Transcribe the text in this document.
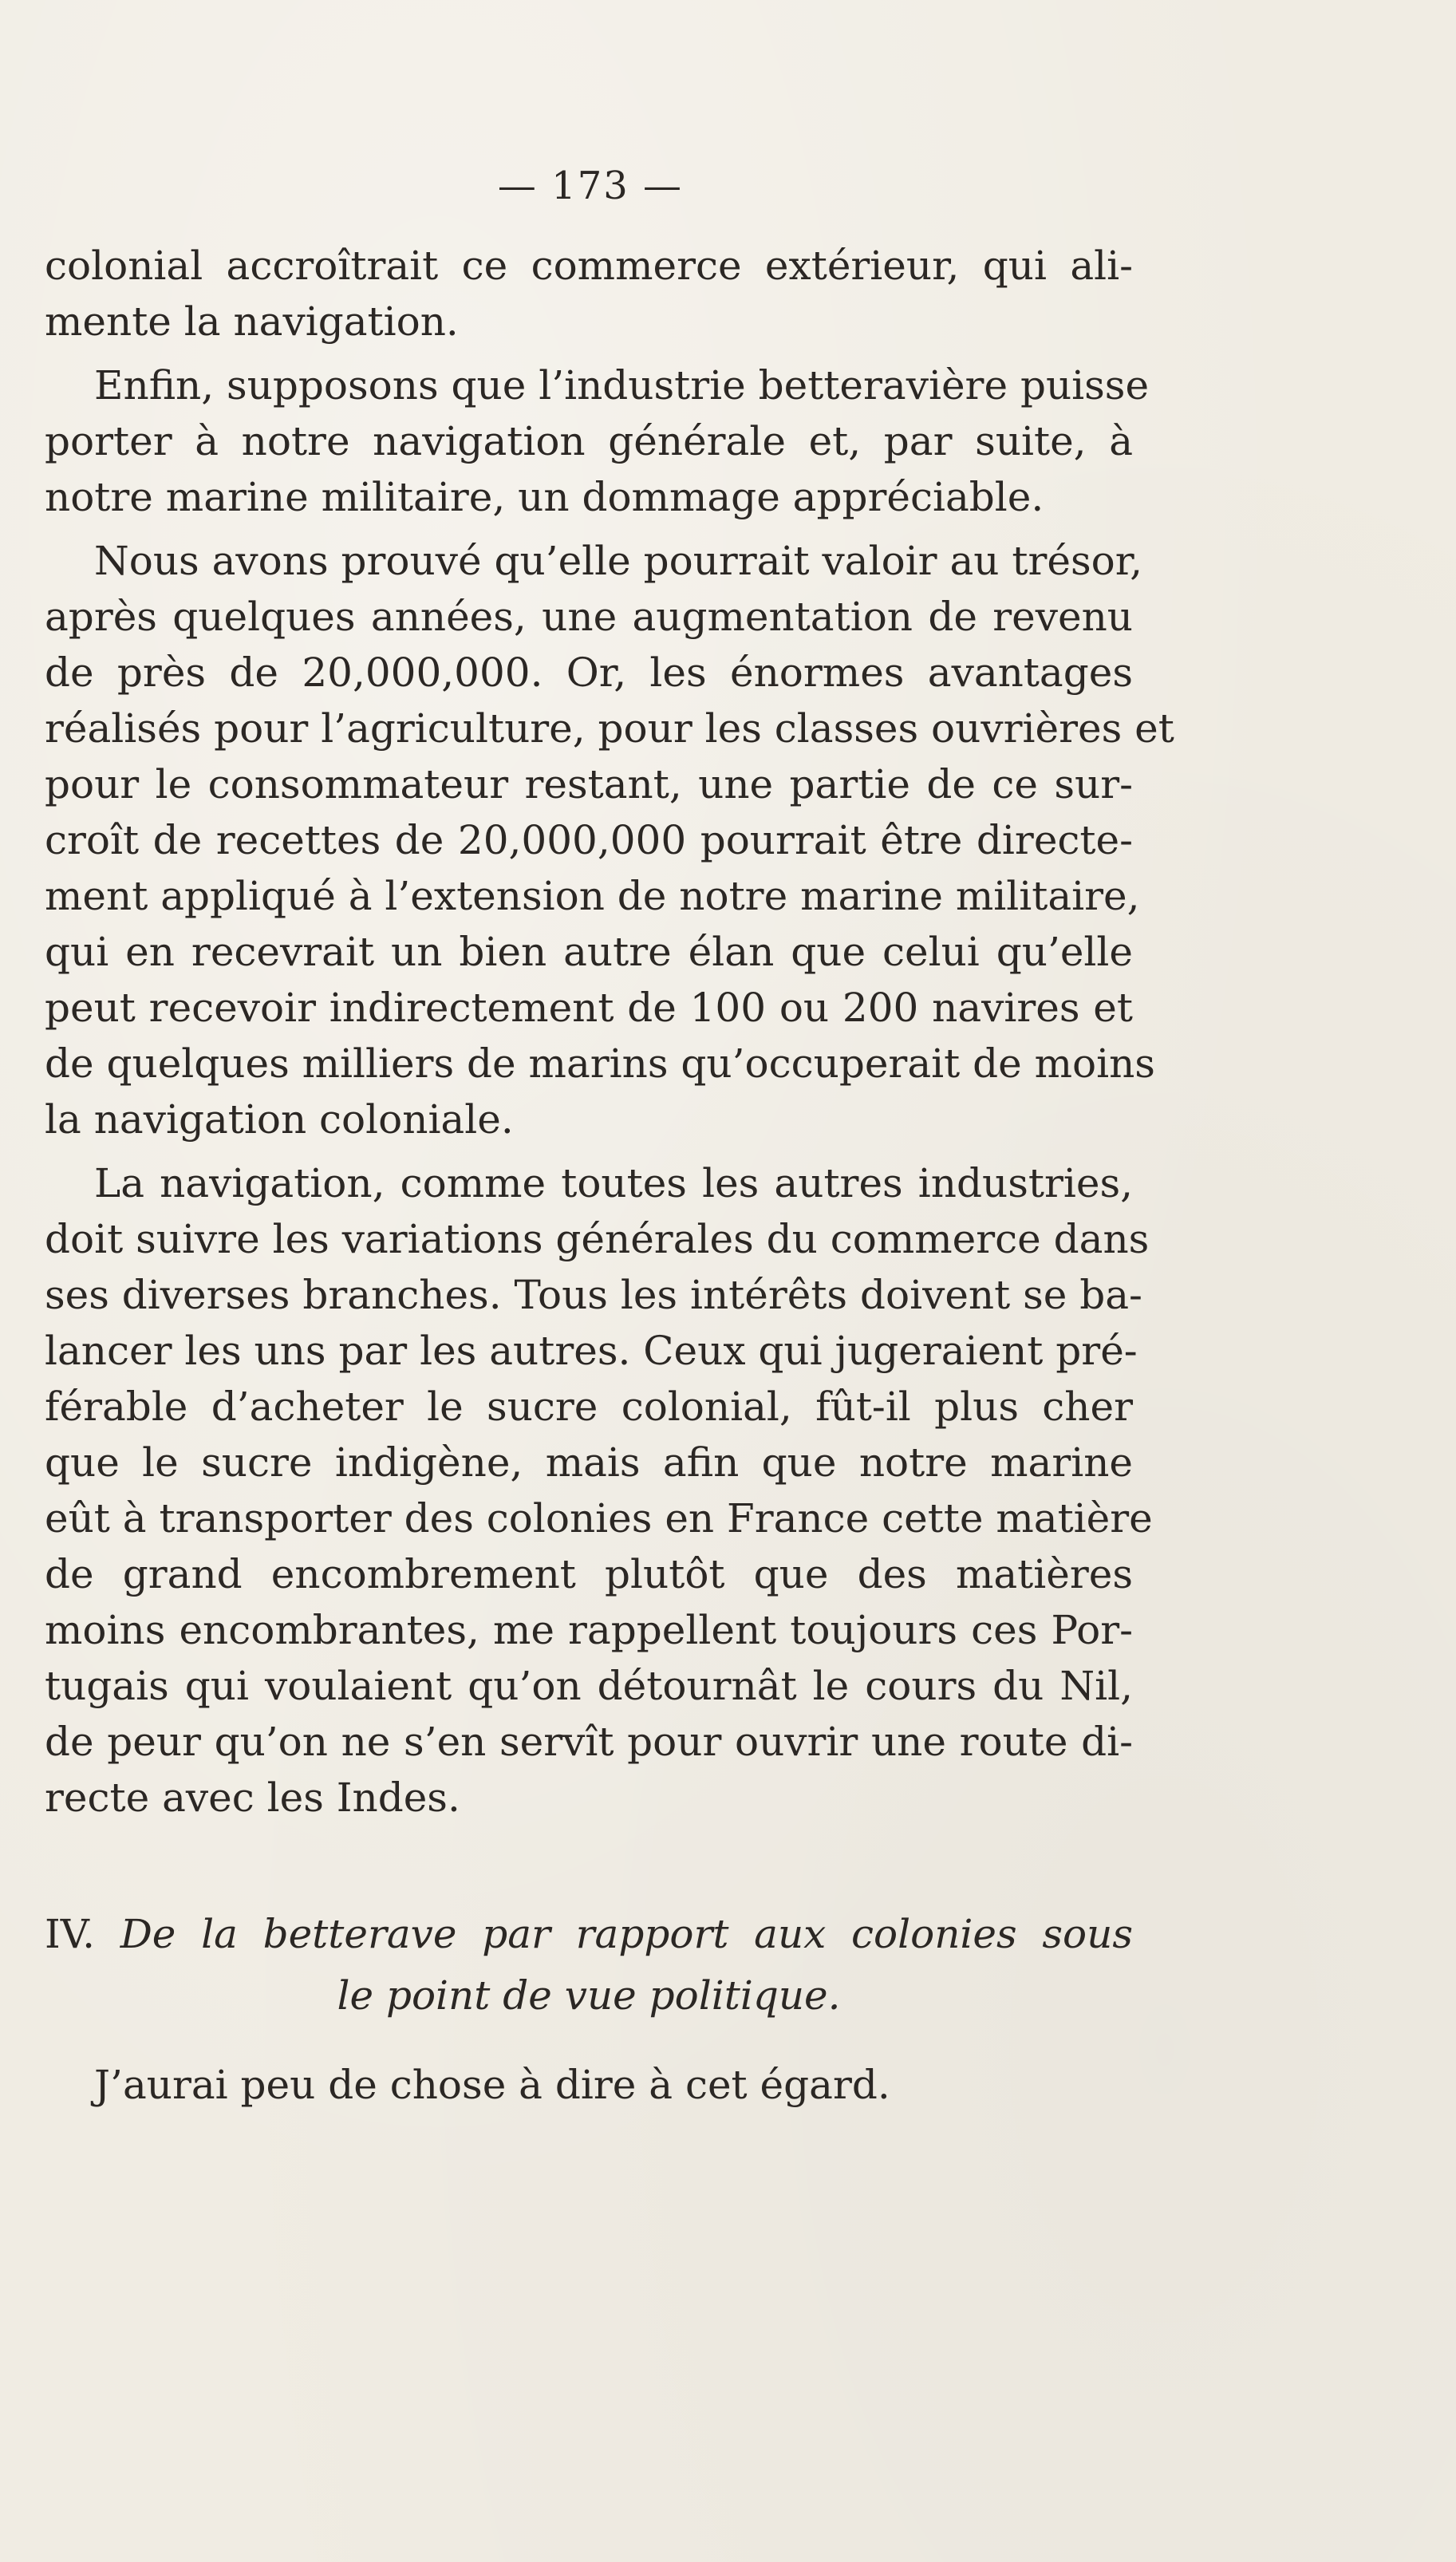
— 173 —
colonial accroîtrait ce commerce extérieur, qui ali-
mente la navigation.
Enfin, supposons que l’industrie betteravière puisse
porter à notre navigation générale et, par suite, à
notre marine militaire, un dommage appréciable.
Nous avons prouvé qu’elle pourrait valoir au trésor,
après quelques années, une augmentation de revenu
de près de 20,000,000. Or, les énormes avantages
réalisés pour l’agriculture, pour les classes ouvrières et
pour le consommateur restant, une partie de ce sur-
croît de recettes de 20,000,000 pourrait être directe-
ment appliqué à l’extension de notre marine militaire,
qui en recevrait un bien autre élan que celui qu’elle
peut recevoir indirectement de 100 ou 200 navires et
de quelques milliers de marins qu’occuperait de moins
la navigation coloniale.
La navigation, comme toutes les autres industries,
doit suivre les variations générales du commerce dans
ses diverses branches. Tous les intérêts doivent se ba-
lancer les uns par les autres. Ceux qui jugeraient pré-
férable d’acheter le sucre colonial, fût-il plus cher
que le sucre indigène, mais afin que notre marine
eût à transporter des colonies en France cette matière
de grand encombrement plutôt que des matières
moins encombrantes, me rappellent toujours ces Por-
tugais qui voulaient qu’on détournât le cours du Nil,
de peur qu’on ne s’en servît pour ouvrir une route di-
recte avec les Indes.
IV. De la betterave par rapport aux colonies sous
le point de vue politique.
J’aurai peu de chose à dire à cet égard.
